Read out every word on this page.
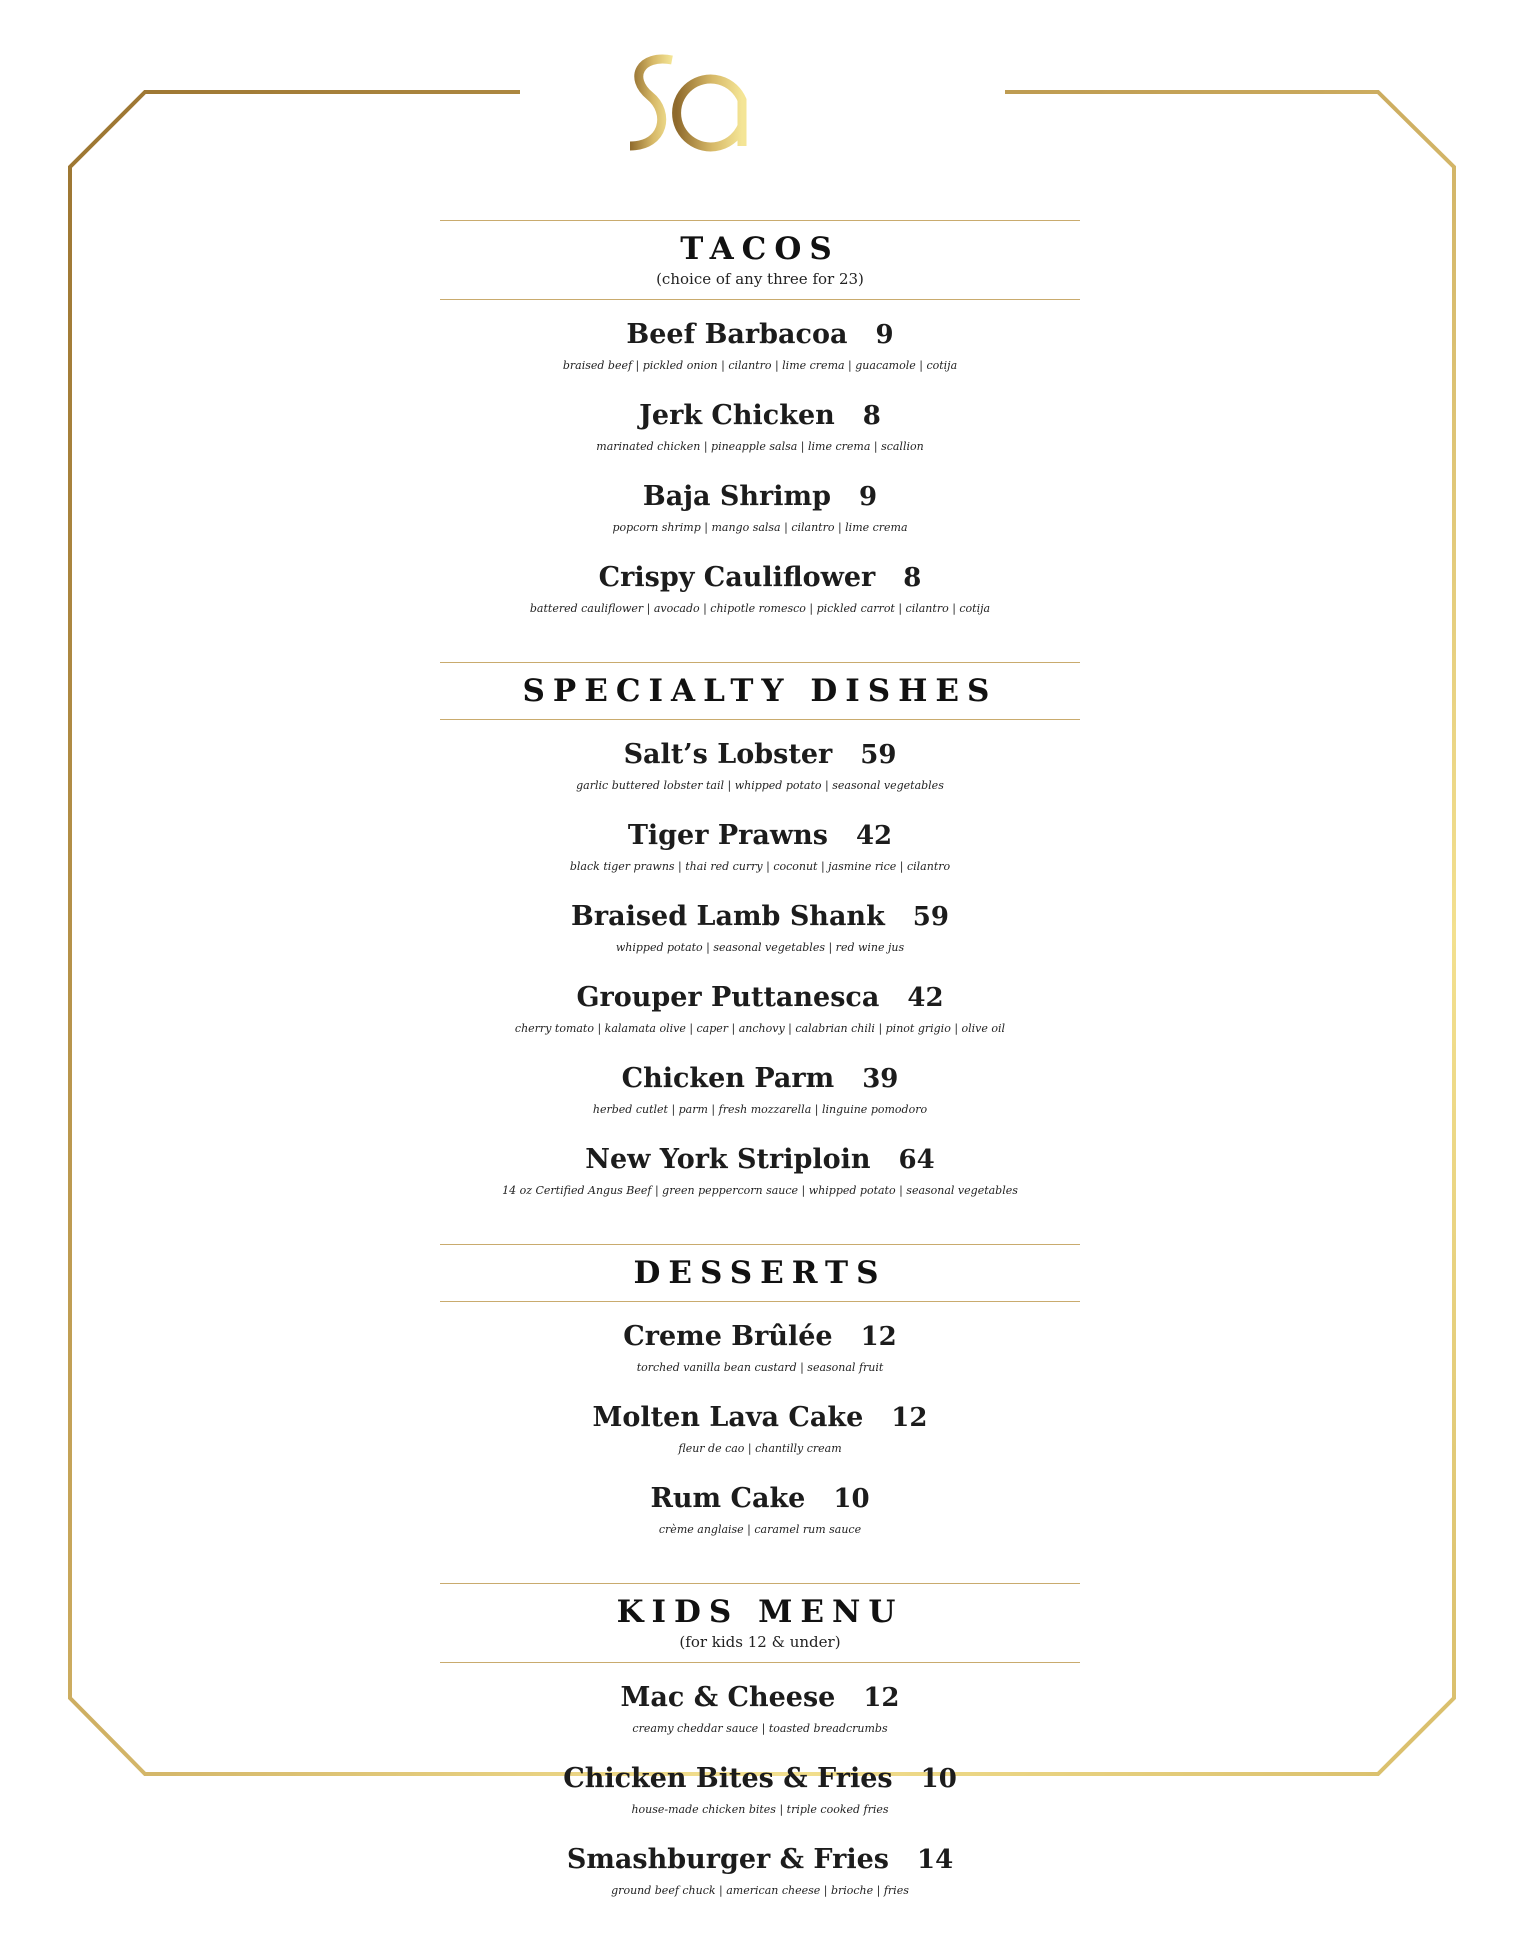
TACOS
(choice of any three for 23)
Beef Barbacoa 9
braised beef | pickled onion | cilantro | lime crema | guacamole | cotija
Jerk Chicken 8
marinated chicken | pineapple salsa | lime crema | scallion
Baja Shrimp 9
popcorn shrimp | mango salsa | cilantro | lime crema
Crispy Cauliflower 8
battered cauliflower | avocado | chipotle romesco | pickled carrot | cilantro | cotija
SPECIALTY DISHES
Salt’s Lobster 59
garlic buttered lobster tail | whipped potato | seasonal vegetables
Tiger Prawns 42
black tiger prawns | thai red curry | coconut | jasmine rice | cilantro
Braised Lamb Shank 59
whipped potato | seasonal vegetables | red wine jus
Grouper Puttanesca 42
cherry tomato | kalamata olive | caper | anchovy | calabrian chili | pinot grigio | olive oil
Chicken Parm 39
herbed cutlet | parm | fresh mozzarella | linguine pomodoro
New York Striploin 64
14 oz Certified Angus Beef | green peppercorn sauce | whipped potato | seasonal vegetables
DESSERTS
Creme Brûlée 12
torched vanilla bean custard | seasonal fruit
Molten Lava Cake 12
fleur de cao | chantilly cream
Rum Cake 10
crème anglaise | caramel rum sauce
KIDS MENU
(for kids 12 & under)
Mac & Cheese 12
creamy cheddar sauce | toasted breadcrumbs
Chicken Bites & Fries 10
house-made chicken bites | triple cooked fries
Smashburger & Fries 14
ground beef chuck | american cheese | brioche | fries
